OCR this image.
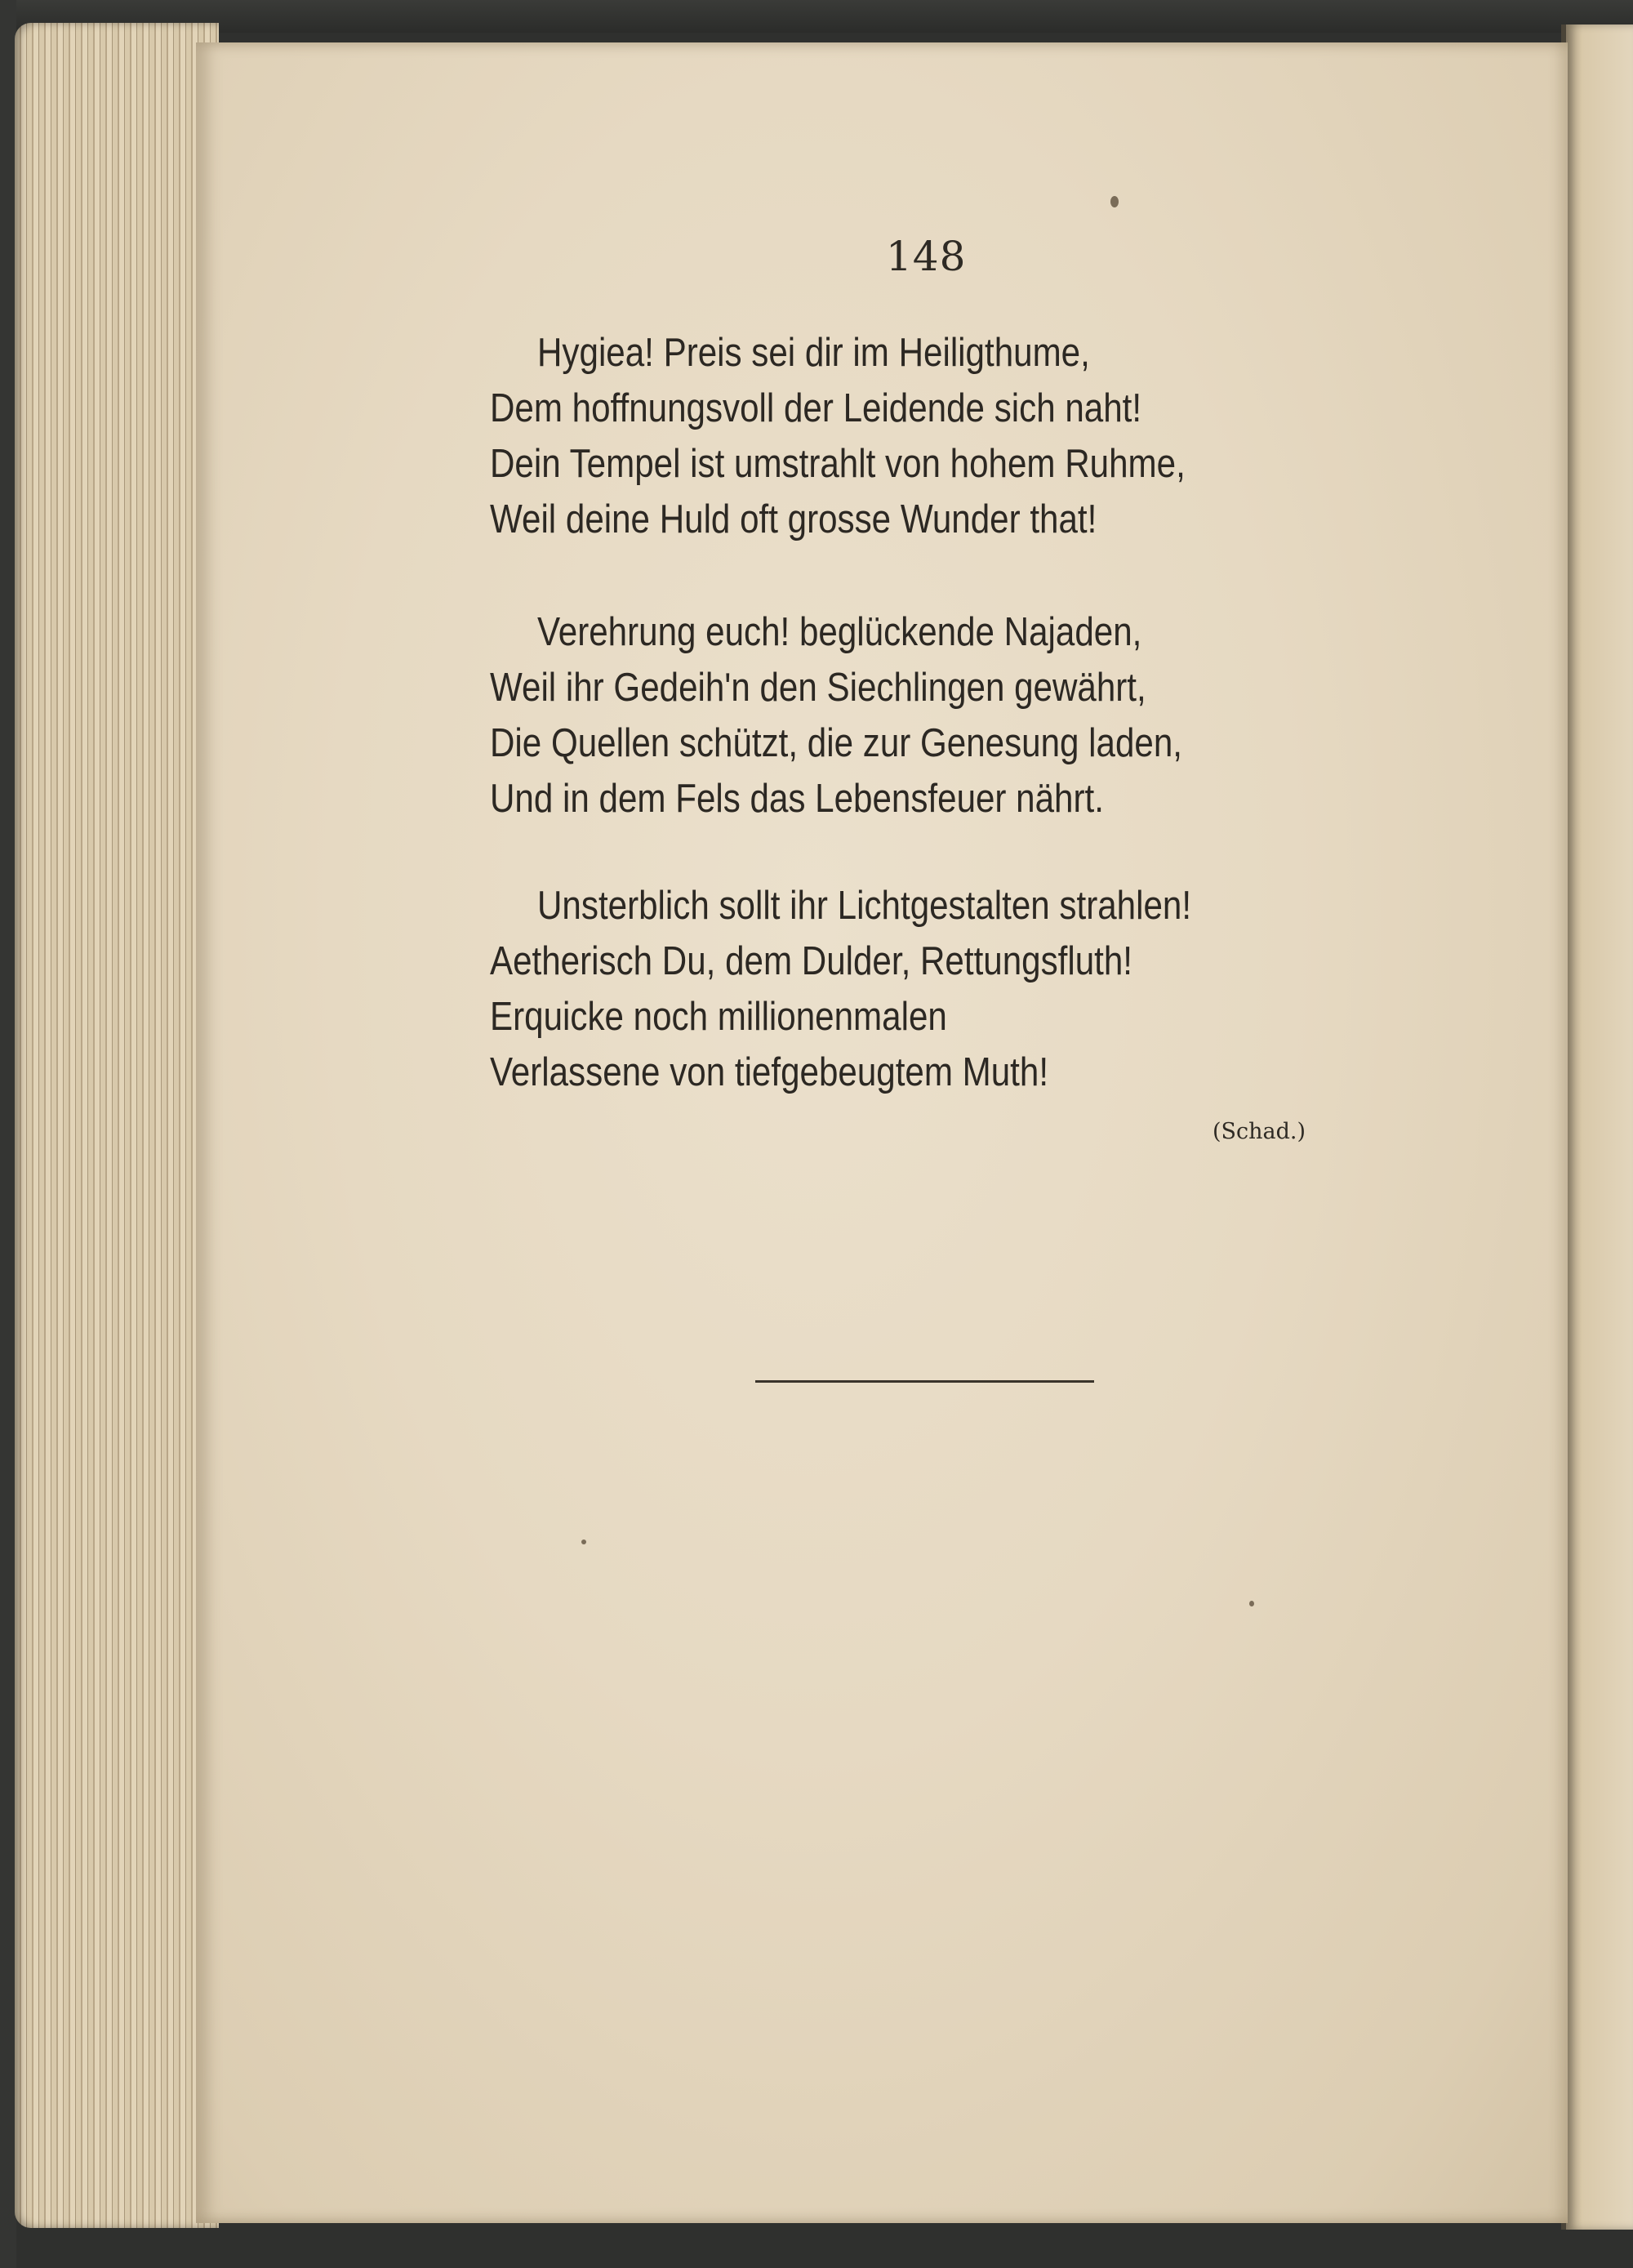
148
Hygiea! Preis sei dir im Heiligthume,
Dem hoffnungsvoll der Leidende sich naht!
Dein Tempel ist umstrahlt von hohem Ruhme,
Weil deine Huld oft grosse Wunder that!
Verehrung euch! beglückende Najaden,
Weil ihr Gedeih'n den Siechlingen gewährt,
Die Quellen schützt, die zur Genesung laden,
Und in dem Fels das Lebensfeuer nährt.
Unsterblich sollt ihr Lichtgestalten strahlen!
Aetherisch Du, dem Dulder, Rettungsfluth!
Erquicke noch millionenmalen
Verlassene von tiefgebeugtem Muth!
(Schad.)
